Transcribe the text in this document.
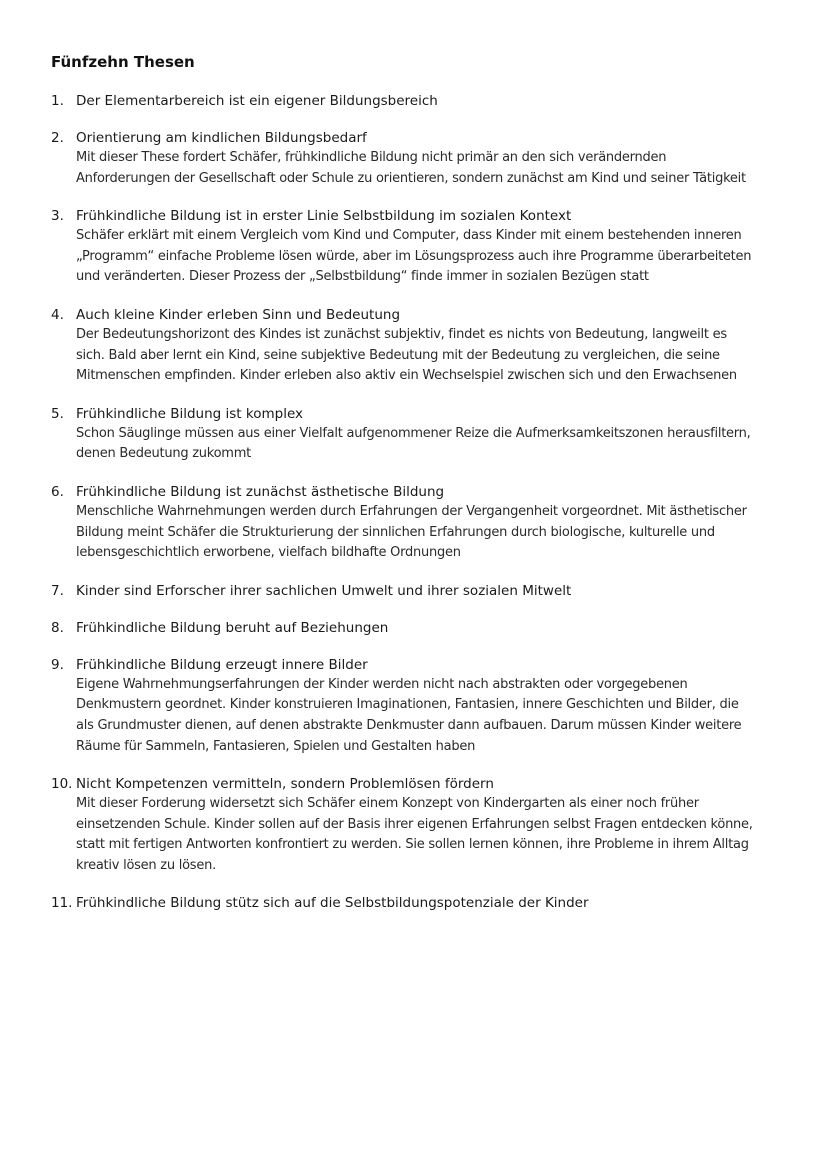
Fünfzehn Thesen
1. Der Elementarbereich ist ein eigener Bildungsbereich
2. Orientierung am kindlichen Bildungsbedarf
Mit dieser These fordert Schäfer, frühkindliche Bildung nicht primär an den sich verändernden Anforderungen der Gesellschaft oder Schule zu orientieren, sondern zunächst am Kind und seiner Tätigkeit
3. Frühkindliche Bildung ist in erster Linie Selbstbildung im sozialen Kontext
Schäfer erklärt mit einem Vergleich vom Kind und Computer, dass Kinder mit einem bestehenden inneren „Programm“ einfache Probleme lösen würde, aber im Lösungsprozess auch ihre Programme überarbeiteten und veränderten. Dieser Prozess der „Selbstbildung“ finde immer in sozialen Bezügen statt
4. Auch kleine Kinder erleben Sinn und Bedeutung
Der Bedeutungshorizont des Kindes ist zunächst subjektiv, findet es nichts von Bedeutung, langweilt es sich. Bald aber lernt ein Kind, seine subjektive Bedeutung mit der Bedeutung zu vergleichen, die seine Mitmenschen empfinden. Kinder erleben also aktiv ein Wechselspiel zwischen sich und den Erwachsenen
5. Frühkindliche Bildung ist komplex
Schon Säuglinge müssen aus einer Vielfalt aufgenommener Reize die Aufmerksamkeitszonen herausfiltern, denen Bedeutung zukommt
6. Frühkindliche Bildung ist zunächst ästhetische Bildung
Menschliche Wahrnehmungen werden durch Erfahrungen der Vergangenheit vorgeordnet. Mit ästhetischer Bildung meint Schäfer die Strukturierung der sinnlichen Erfahrungen durch biologische, kulturelle und lebensgeschichtlich erworbene, vielfach bildhafte Ordnungen
7. Kinder sind Erforscher ihrer sachlichen Umwelt und ihrer sozialen Mitwelt
8. Frühkindliche Bildung beruht auf Beziehungen
9. Frühkindliche Bildung erzeugt innere Bilder
Eigene Wahrnehmungserfahrungen der Kinder werden nicht nach abstrakten oder vorgegebenen Denkmustern geordnet. Kinder konstruieren Imaginationen, Fantasien, innere Geschichten und Bilder, die als Grundmuster dienen, auf denen abstrakte Denkmuster dann aufbauen. Darum müssen Kinder weitere Räume für Sammeln, Fantasieren, Spielen und Gestalten haben
10. Nicht Kompetenzen vermitteln, sondern Problemlösen fördern
Mit dieser Forderung widersetzt sich Schäfer einem Konzept von Kindergarten als einer noch früher einsetzenden Schule. Kinder sollen auf der Basis ihrer eigenen Erfahrungen selbst Fragen entdecken könne, statt mit fertigen Antworten konfrontiert zu werden. Sie sollen lernen können, ihre Probleme in ihrem Alltag kreativ lösen zu lösen.
11. Frühkindliche Bildung stütz sich auf die Selbstbildungspotenziale der Kinder
